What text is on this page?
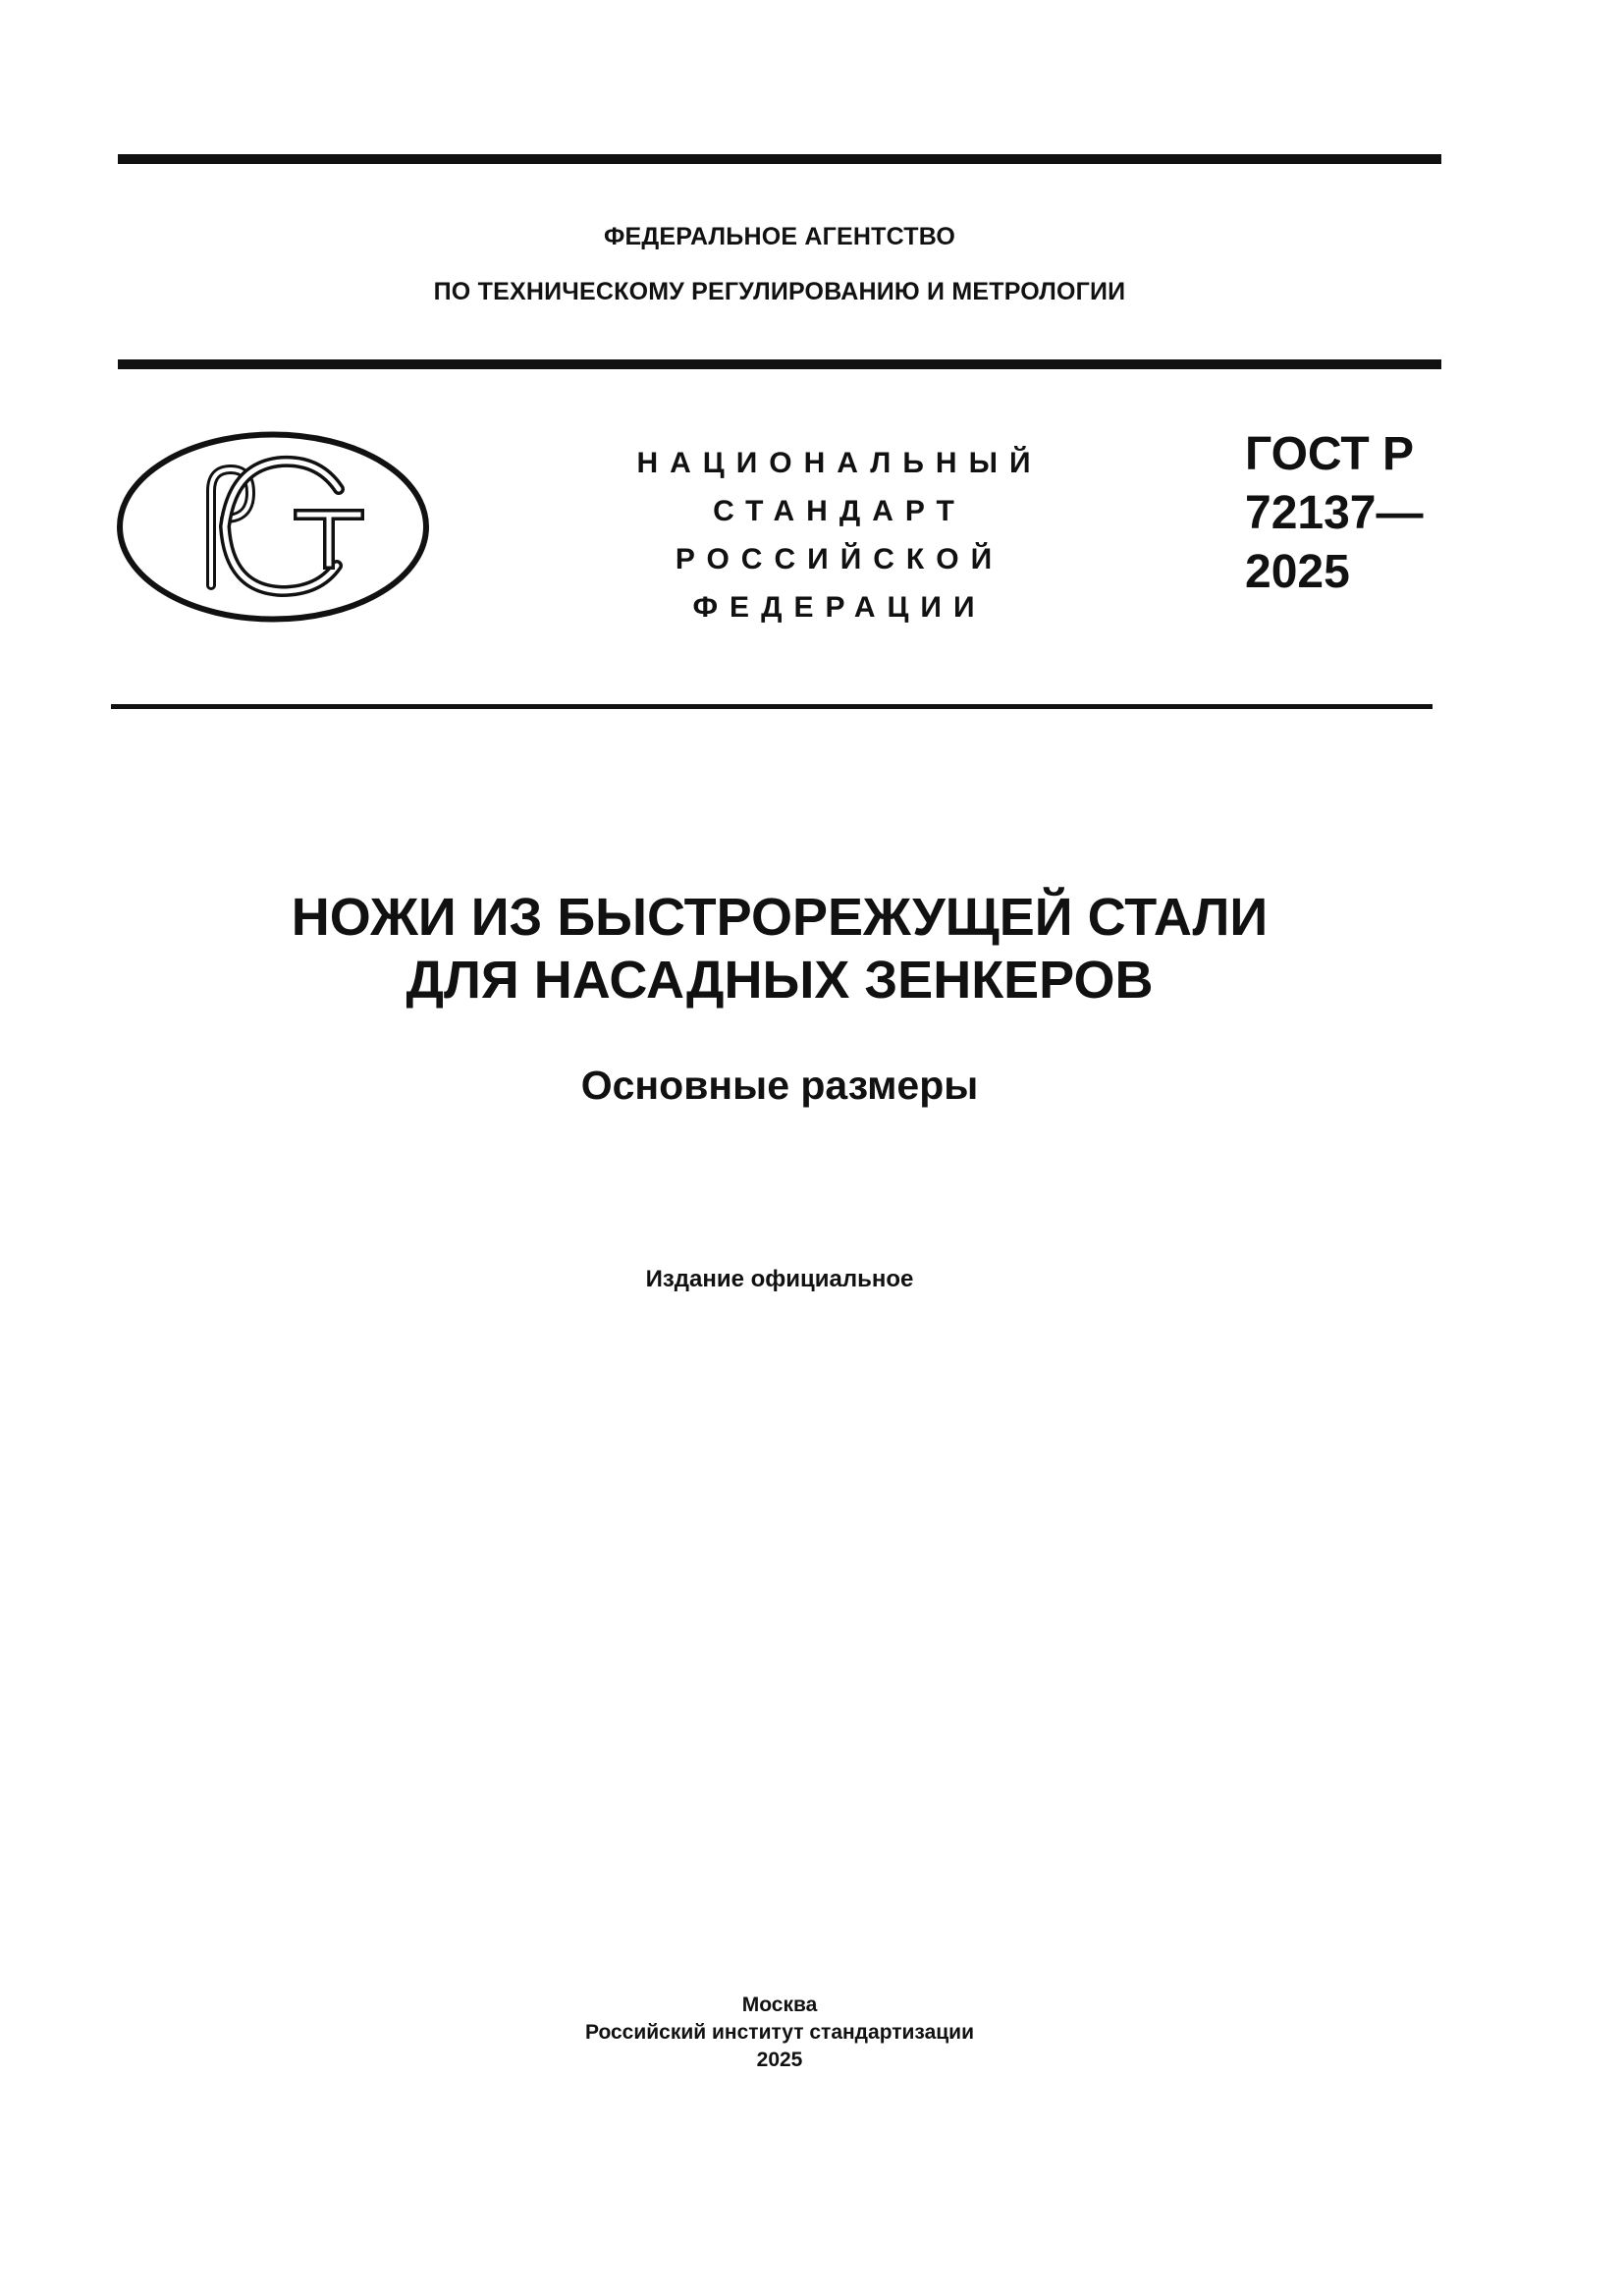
ФЕДЕРАЛЬНОЕ АГЕНТСТВО
ПО ТЕХНИЧЕСКОМУ РЕГУЛИРОВАНИЮ И МЕТРОЛОГИИ
НАЦИОНАЛЬНЫЙ
СТАНДАРТ
РОССИЙСКОЙ
ФЕДЕРАЦИИ
ГОСТ Р
72137—
2025
НОЖИ ИЗ БЫСТРОРЕЖУЩЕЙ СТАЛИ
ДЛЯ НАСАДНЫХ ЗЕНКЕРОВ
Основные размеры
Издание официальное
Москва
Российский институт стандартизации
2025
